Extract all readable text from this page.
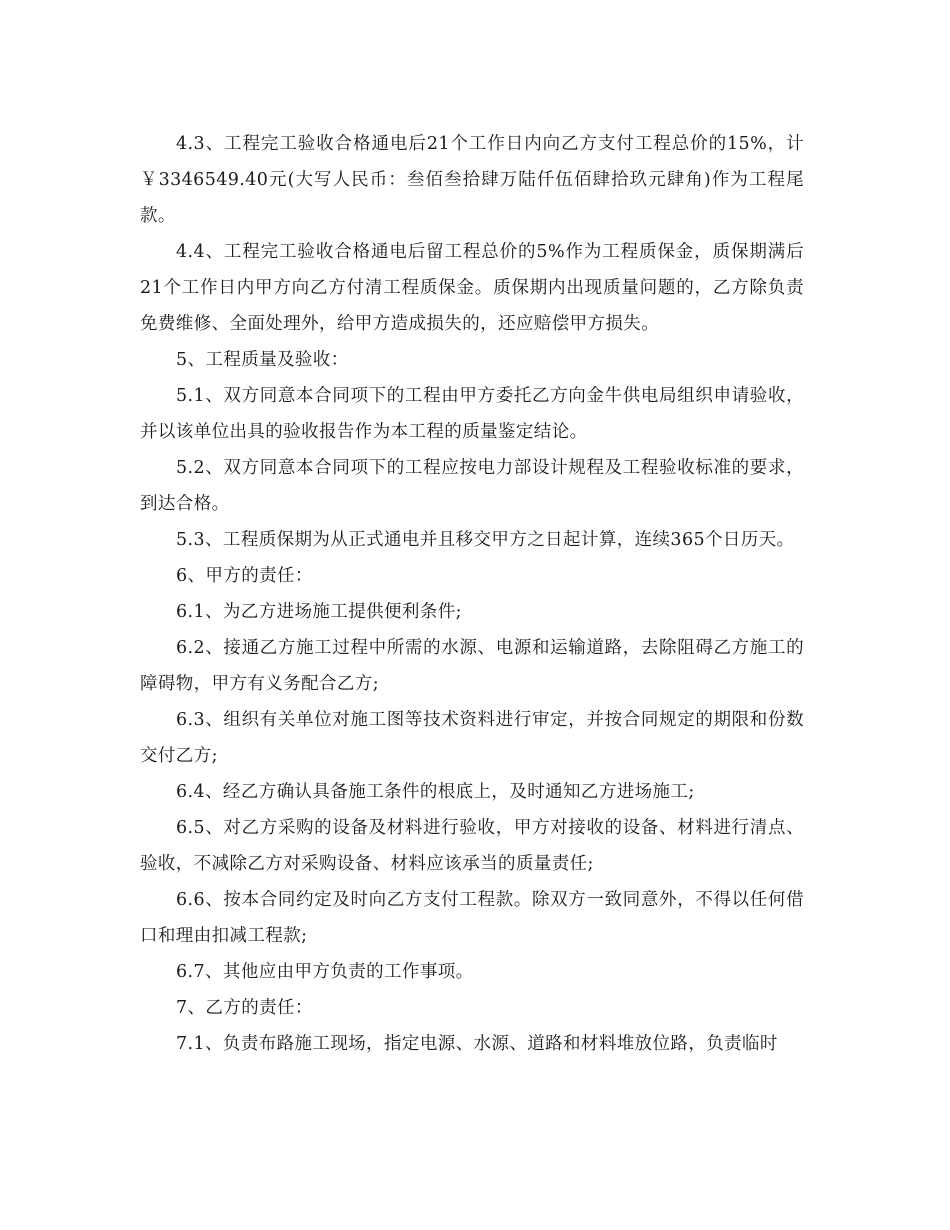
4.3、工程完工验收合格通电后21个工作日内向乙方支付工程总价的15%，计￥3346549.40元(大写人民币：叁佰叁拾肆万陆仟伍佰肆拾玖元肆角)作为工程尾款。

4.4、工程完工验收合格通电后留工程总价的5%作为工程质保金，质保期满后21个工作日内甲方向乙方付清工程质保金。质保期内出现质量问题的，乙方除负责免费维修、全面处理外，给甲方造成损失的，还应赔偿甲方损失。

5、工程质量及验收：

5.1、双方同意本合同项下的工程由甲方委托乙方向金牛供电局组织申请验收，并以该单位出具的验收报告作为本工程的质量鉴定结论。

5.2、双方同意本合同项下的工程应按电力部设计规程及工程验收标准的要求，到达合格。

5.3、工程质保期为从正式通电并且移交甲方之日起计算，连续365个日历天。

6、甲方的责任：

6.1、为乙方进场施工提供便利条件;

6.2、接通乙方施工过程中所需的水源、电源和运输道路，去除阻碍乙方施工的障碍物，甲方有义务配合乙方;

6.3、组织有关单位对施工图等技术资料进行审定，并按合同规定的期限和份数交付乙方;

6.4、经乙方确认具备施工条件的根底上，及时通知乙方进场施工;

6.5、对乙方采购的设备及材料进行验收，甲方对接收的设备、材料进行清点、验收，不减除乙方对采购设备、材料应该承当的质量责任;

6.6、按本合同约定及时向乙方支付工程款。除双方一致同意外，不得以任何借口和理由扣减工程款;

6.7、其他应由甲方负责的工作事项。

7、乙方的责任：

7.1、负责布路施工现场，指定电源、水源、道路和材料堆放位路，负责临时
